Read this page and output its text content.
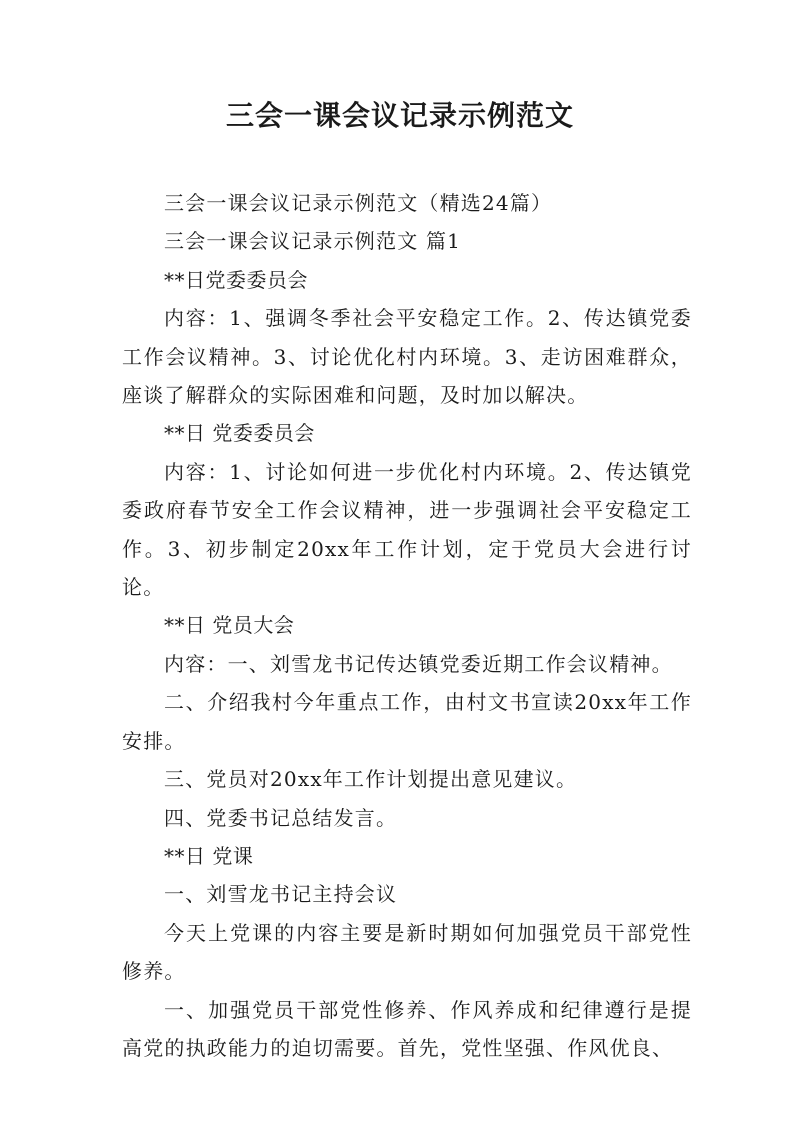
三会一课会议记录示例范文

三会一课会议记录示例范文（精选24篇）

三会一课会议记录示例范文 篇1

**日党委委员会

内容：1、强调冬季社会平安稳定工作。2、传达镇党委工作会议精神。3、讨论优化村内环境。3、走访困难群众，座谈了解群众的实际困难和问题，及时加以解决。

**日 党委委员会

内容：1、讨论如何进一步优化村内环境。2、传达镇党委政府春节安全工作会议精神，进一步强调社会平安稳定工作。3、初步制定20xx年工作计划，定于党员大会进行讨论。

**日 党员大会

内容：一、刘雪龙书记传达镇党委近期工作会议精神。

二、介绍我村今年重点工作，由村文书宣读20xx年工作安排。

三、党员对20xx年工作计划提出意见建议。

四、党委书记总结发言。

**日 党课

一、刘雪龙书记主持会议

今天上党课的内容主要是新时期如何加强党员干部党性修养。

一、加强党员干部党性修养、作风养成和纪律遵行是提高党的执政能力的迫切需要。首先，党性坚强、作风优良、
